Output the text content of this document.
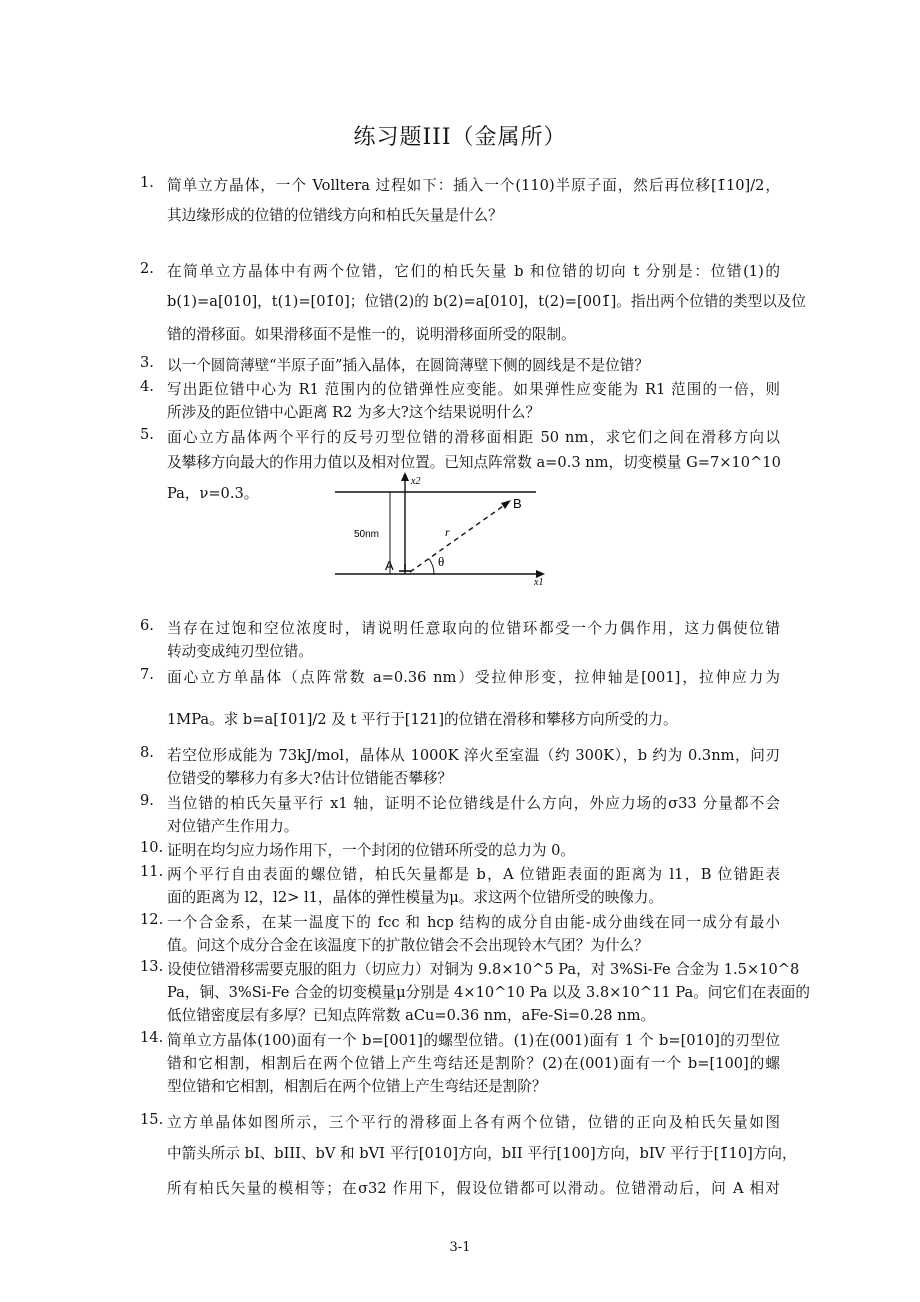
练习题III（金属所）
1. 简单立方晶体，一个 Volltera 过程如下：插入一个(110)半原子面，然后再位移[1̄10]/2，
其边缘形成的位错的位错线方向和柏氏矢量是什么？
2. 在简单立方晶体中有两个位错，它们的柏氏矢量 b 和位错的切向 t 分别是：位错(1)的
b(1)=a[010]，t(1)=[01̄0]；位错(2)的 b(2)=a[010]，t(2)=[001̄]。指出两个位错的类型以及位
错的滑移面。如果滑移面不是惟一的，说明滑移面所受的限制。
3. 以一个圆筒薄壁“半原子面”插入晶体，在圆筒薄壁下侧的圆线是不是位错？
4. 写出距位错中心为 R1 范围内的位错弹性应变能。如果弹性应变能为 R1 范围的一倍，则
所涉及的距位错中心距离 R2 为多大?这个结果说明什么？
5. 面心立方晶体两个平行的反号刃型位错的滑移面相距 50 nm，求它们之间在滑移方向以
及攀移方向最大的作用力值以及相对位置。已知点阵常数 a=0.3 nm，切变模量 G=7×10^10
Pa，ν=0.3。
6. 当存在过饱和空位浓度时，请说明任意取向的位错环都受一个力偶作用，这力偶使位错
转动变成纯刃型位错。
7. 面心立方单晶体（点阵常数 a=0.36 nm）受拉伸形变，拉伸轴是[001]，拉伸应力为
1MPa。求 b=a[1̄01]/2 及 t 平行于[12̄1]的位错在滑移和攀移方向所受的力。
8. 若空位形成能为 73kJ/mol，晶体从 1000K 淬火至室温（约 300K），b 约为 0.3nm，问刃
位错受的攀移力有多大?估计位错能否攀移？
9. 当位错的柏氏矢量平行 x1 轴，证明不论位错线是什么方向，外应力场的σ33 分量都不会
对位错产生作用力。
10. 证明在均匀应力场作用下，一个封闭的位错环所受的总力为 0。
11. 两个平行自由表面的螺位错，柏氏矢量都是 b，A 位错距表面的距离为 l1，B 位错距表
面的距离为 l2，l2> l1，晶体的弹性模量为μ。求这两个位错所受的映像力。
12. 一个合金系，在某一温度下的 fcc 和 hcp 结构的成分自由能-成分曲线在同一成分有最小
值。问这个成分合金在该温度下的扩散位错会不会出现铃木气团？为什么？
13. 设使位错滑移需要克服的阻力（切应力）对铜为 9.8×10^5 Pa，对 3%Si-Fe 合金为 1.5×10^8
Pa，铜、3%Si-Fe 合金的切变模量μ分别是 4×10^10 Pa 以及 3.8×10^11 Pa。问它们在表面的
低位错密度层有多厚？已知点阵常数 aCu=0.36 nm，aFe-Si=0.28 nm。
14. 简单立方晶体(100)面有一个 b=[001]的螺型位错。(1)在(001)面有 1 个 b=[010]的刃型位
错和它相割，相割后在两个位错上产生弯结还是割阶？(2)在(001)面有一个 b=[100]的螺
型位错和它相割，相割后在两个位错上产生弯结还是割阶？
15. 立方单晶体如图所示，三个平行的滑移面上各有两个位错，位错的正向及柏氏矢量如图
中箭头所示 bI、bIII、bV 和 bVI 平行[010]方向，bII 平行[100]方向，bIV 平行于[1̄10]方向，
所有柏氏矢量的模相等；在σ32 作用下，假设位错都可以滑动。位错滑动后，问 A 相对
x2
B
r
50nm
A	θ
x1
3-1
